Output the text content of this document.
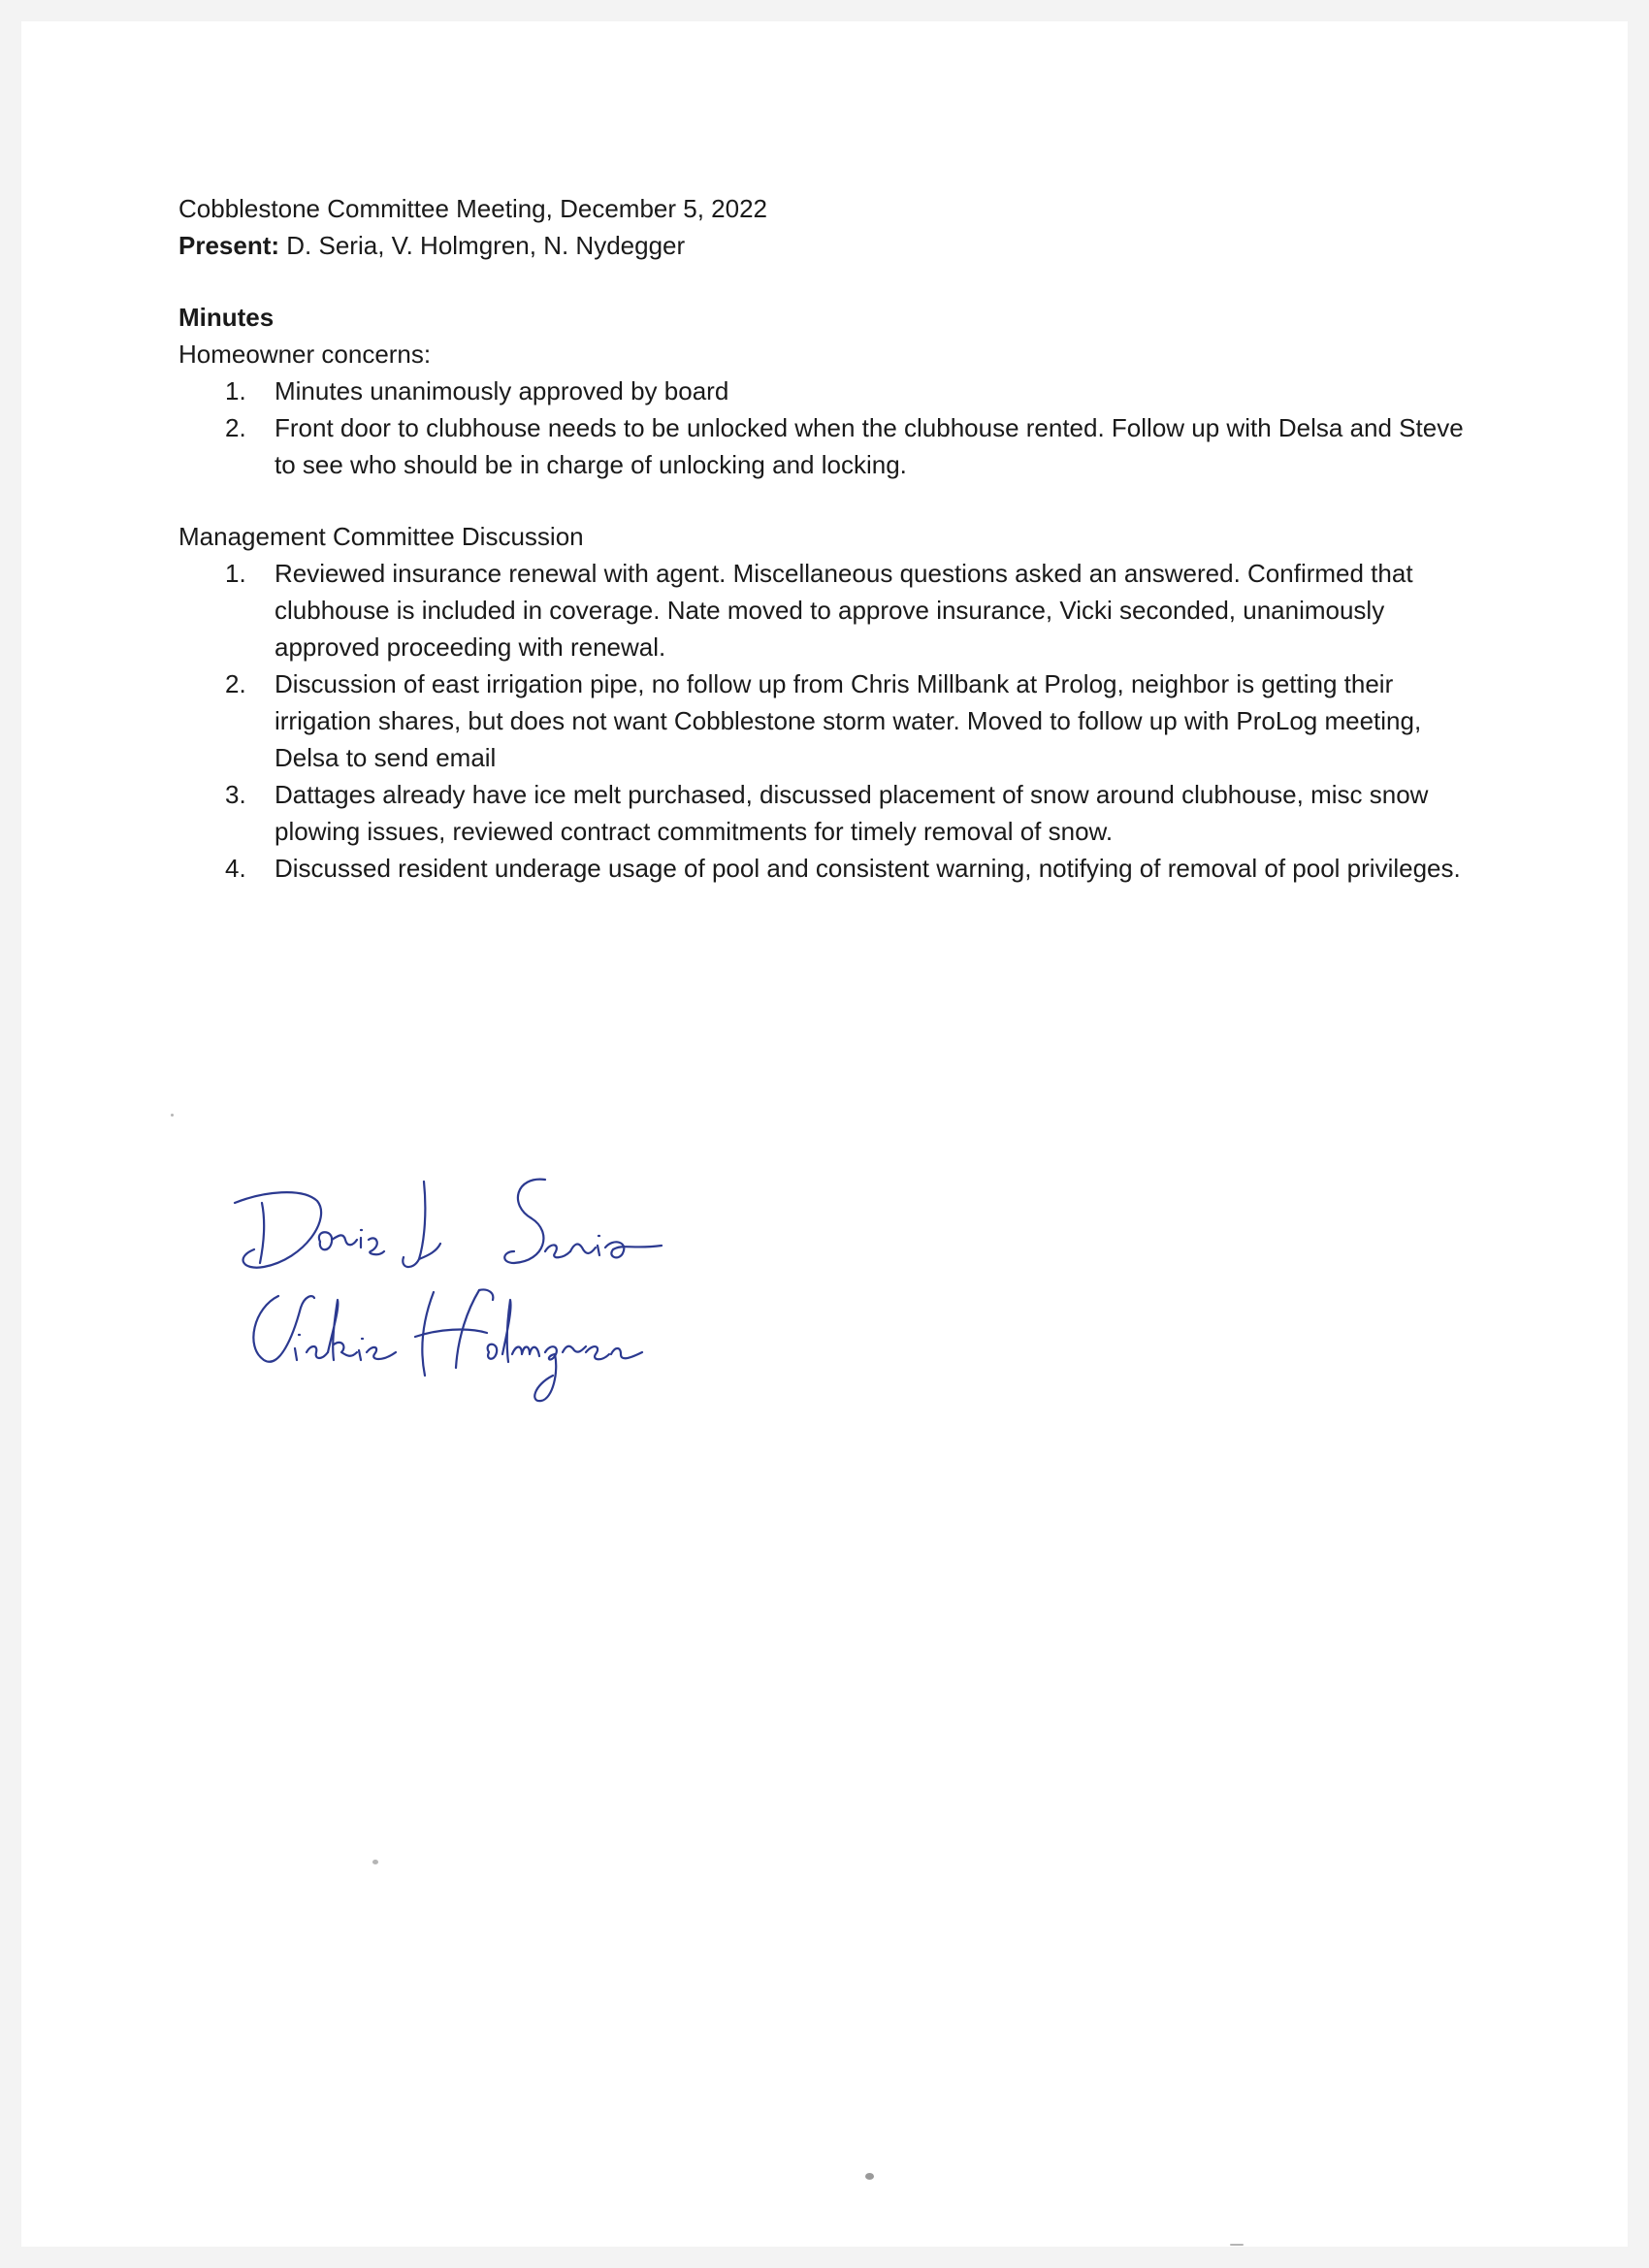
Cobblestone Committee Meeting, December 5, 2022
Present: D. Seria, V. Holmgren, N. Nydegger
Minutes
Homeowner concerns:
1. Minutes unanimously approved by board
2. Front door to clubhouse needs to be unlocked when the clubhouse rented. Follow up with Delsa and Steve to see who should be in charge of unlocking and locking.
Management Committee Discussion
1. Reviewed insurance renewal with agent. Miscellaneous questions asked an answered. Confirmed that clubhouse is included in coverage. Nate moved to approve insurance, Vicki seconded, unanimously approved proceeding with renewal.
2. Discussion of east irrigation pipe, no follow up from Chris Millbank at Prolog, neighbor is getting their irrigation shares, but does not want Cobblestone storm water. Moved to follow up with ProLog meeting, Delsa to send email
3. Dattages already have ice melt purchased, discussed placement of snow around clubhouse, misc snow plowing issues, reviewed contract commitments for timely removal of snow.
4. Discussed resident underage usage of pool and consistent warning, notifying of removal of pool privileges.
